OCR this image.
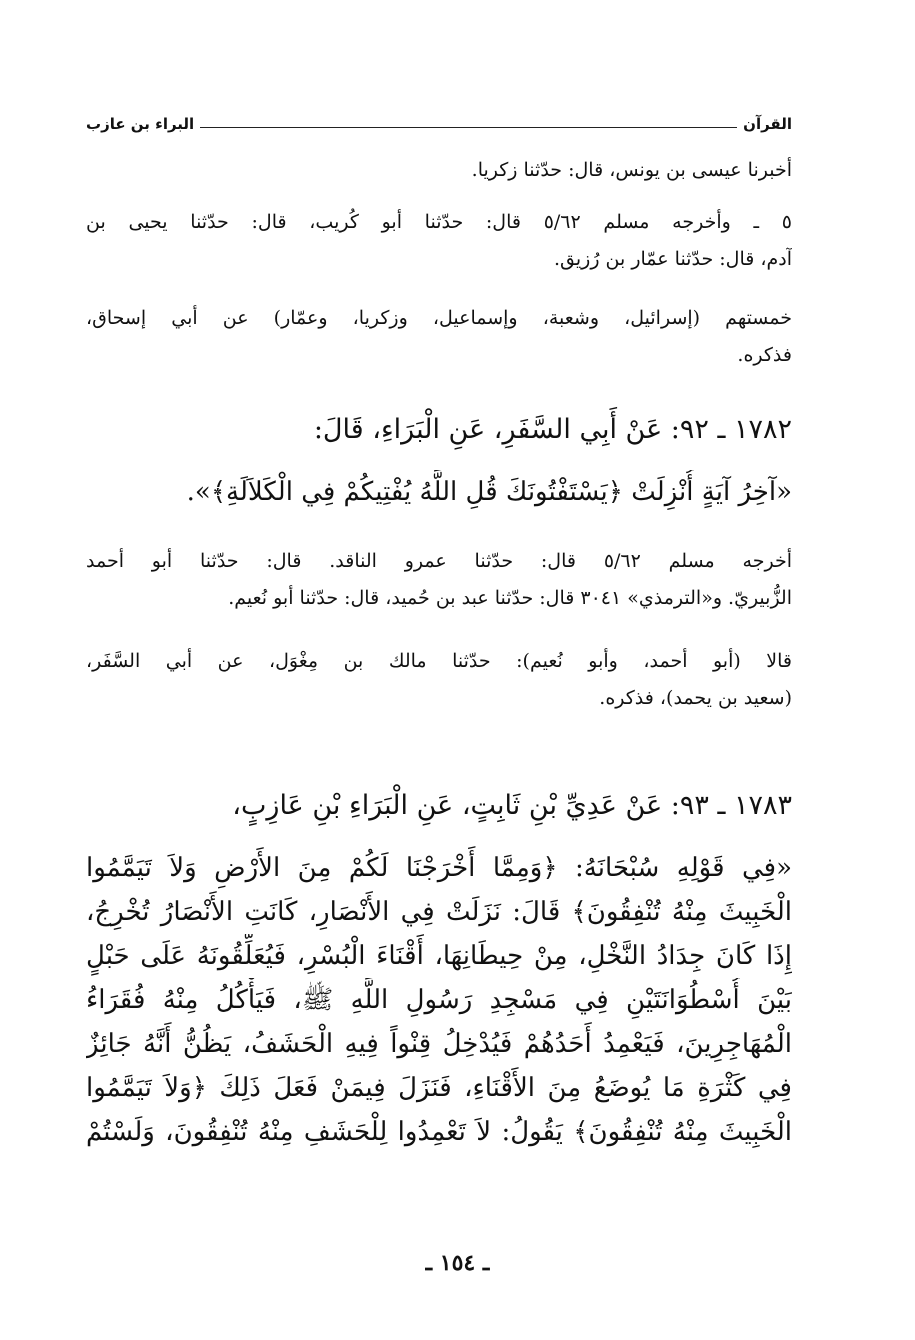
القرآن
البراء بن عازب
أخبرنا عيسى بن يونس، قال: حدّثنا زكريا.
٥ ـ وأخرجه مسلم ٥/٦٢ قال: حدّثنا أبو كُريب، قال: حدّثنا يحيى بن
آدم، قال: حدّثنا عمّار بن رُزيق.
خمستهم (إسرائيل، وشعبة، وإسماعيل، وزكريا، وعمّار) عن أبي إسحاق،
فذكره.
١٧٨٢ ـ ٩٢: عَنْ أَبِي السَّفَرِ، عَنِ الْبَرَاءِ، قَالَ:
«آخِرُ آيَةٍ أُنْزِلَتْ ﴿يَسْتَفْتُونَكَ قُلِ اللَّهُ يُفْتِيكُمْ فِي الْكَلاَلَةِ﴾».
أخرجه مسلم ٥/٦٢ قال: حدّثنا عمرو الناقد. قال: حدّثنا أبو أحمد
الزُّبيريّ. و«الترمذي» ٣٠٤١ قال: حدّثنا عبد بن حُميد، قال: حدّثنا أبو نُعيم.
قالا (أبو أحمد، وأبو نُعيم): حدّثنا مالك بن مِغْوَل، عن أبي السَّفَر،
(سعيد بن يحمد)، فذكره.
١٧٨٣ ـ ٩٣: عَنْ عَدِيِّ بْنِ ثَابِتٍ، عَنِ الْبَرَاءِ بْنِ عَازِبٍ،
«فِي قَوْلِهِ سُبْحَانَهُ: ﴿وَمِمَّا أَخْرَجْنَا لَكُمْ مِنَ الأَرْضِ وَلاَ تَيَمَّمُوا
الْخَبِيثَ مِنْهُ تُنْفِقُونَ﴾ قَالَ: نَزَلَتْ فِي الأَنْصَارِ، كَانَتِ الأَنْصَارُ تُخْرِجُ،
إِذَا كَانَ جِدَادُ النَّخْلِ، مِنْ حِيطَانِهَا، أَقْنَاءَ الْبُسْرِ، فَيُعَلِّقُونَهُ عَلَى حَبْلٍ
بَيْنَ أُسْطُوَانَتَيْنِ فِي مَسْجِدِ رَسُولِ اللَّهِ ﷺ، فَيَأْكُلُ مِنْهُ فُقَرَاءُ
الْمُهَاجِرِينَ، فَيَعْمِدُ أَحَدُهُمْ فَيُدْخِلُ قِنْواً فِيهِ الْحَشَفُ، يَظُنُّ أَنَّهُ جَائِزٌ
فِي كَثْرَةِ مَا يُوضَعُ مِنَ الأَقْنَاءِ، فَنَزَلَ فِيمَنْ فَعَلَ ذَلِكَ ﴿وَلاَ تَيَمَّمُوا
الْخَبِيثَ مِنْهُ تُنْفِقُونَ﴾ يَقُولُ: لاَ تَعْمِدُوا لِلْحَشَفِ مِنْهُ تُنْفِقُونَ، وَلَسْتُمْ
ـ ١٥٤ ـ
